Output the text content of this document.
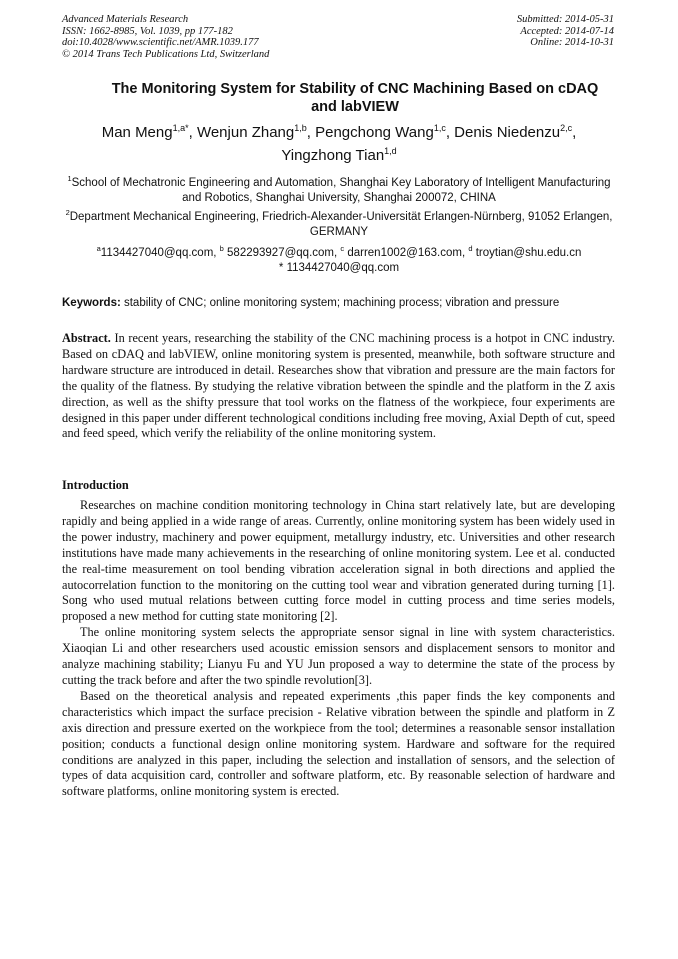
Advanced Materials Research
ISSN: 1662-8985, Vol. 1039, pp 177-182
doi:10.4028/www.scientific.net/AMR.1039.177
© 2014 Trans Tech Publications Ltd, Switzerland
Submitted: 2014-05-31
Accepted: 2014-07-14
Online: 2014-10-31
The Monitoring System for Stability of CNC Machining Based on cDAQ and labVIEW
Man Meng$^{1,a*}$, Wenjun Zhang$^{1,b}$, Pengchong Wang$^{1,c}$, Denis Niedenzu$^{2,c}$,
Yingzhong Tian$^{1,d}$
$^1$School of Mechatronic Engineering and Automation, Shanghai Key Laboratory of Intelligent Manufacturing and Robotics, Shanghai University, Shanghai 200072, CHINA
$^2$Department Mechanical Engineering, Friedrich-Alexander-Universität Erlangen-Nürnberg, 91052 Erlangen, GERMANY
$^a$1134427040@qq.com, $^b$ 582293927@qq.com, $^c$ darren1002@163.com, $^d$ troytian@shu.edu.cn
* 1134427040@qq.com
Keywords: stability of CNC; online monitoring system; machining process; vibration and pressure
Abstract. In recent years, researching the stability of the CNC machining process is a hotpot in CNC industry. Based on cDAQ and labVIEW, online monitoring system is presented, meanwhile, both software structure and hardware structure are introduced in detail. Researches show that vibration and pressure are the main factors for the quality of the flatness. By studying the relative vibration between the spindle and the platform in the Z axis direction, as well as the shifty pressure that tool works on the flatness of the workpiece, four experiments are designed in this paper under different technological conditions including free moving, Axial Depth of cut, speed and feed speed, which verify the reliability of the online monitoring system.
Introduction

Researches on machine condition monitoring technology in China start relatively late, but are developing rapidly and being applied in a wide range of areas. Currently, online monitoring system has been widely used in the power industry, machinery and power equipment, metallurgy industry, etc. Universities and other research institutions have made many achievements in the researching of online monitoring system. Lee et al. conducted the real-time measurement on tool bending vibration acceleration signal in both directions and applied the autocorrelation function to the monitoring on the cutting tool wear and vibration generated during turning [1]. Song who used mutual relations between cutting force model in cutting process and time series models, proposed a new method for cutting state monitoring [2].

The online monitoring system selects the appropriate sensor signal in line with system characteristics. Xiaoqian Li and other researchers used acoustic emission sensors and displacement sensors to monitor and analyze machining stability; Lianyu Fu and YU Jun proposed a way to determine the state of the process by cutting the track before and after the two spindle revolution[3].

Based on the theoretical analysis and repeated experiments ,this paper finds the key components and characteristics which impact the surface precision - Relative vibration between the spindle and platform in Z axis direction and pressure exerted on the workpiece from the tool; determines a reasonable sensor installation position; conducts a functional design online monitoring system. Hardware and software for the required conditions are analyzed in this paper, including the selection and installation of sensors, and the selection of types of data acquisition card, controller and software platform, etc. By reasonable selection of hardware and software platforms, online monitoring system is erected.
